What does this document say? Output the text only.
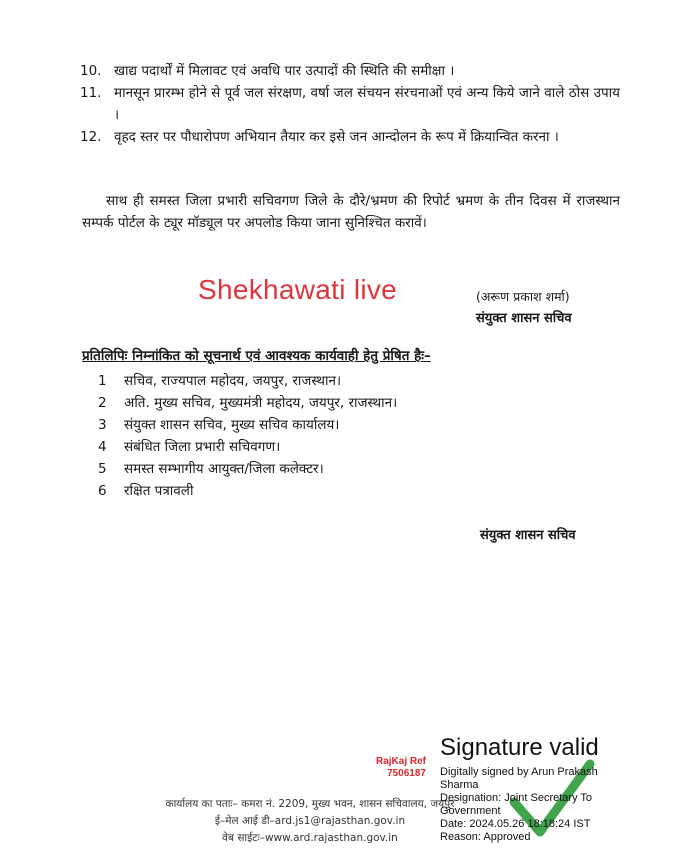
10. खाद्य पदार्थों में मिलावट एवं अवधि पार उत्पादों की स्थिति की समीक्षा ।
11. मानसून प्रारम्भ होने से पूर्व जल संरक्षण, वर्षा जल संचयन संरचनाओं एवं अन्य किये जाने वाले ठोस उपाय ।
12. वृहद स्तर पर पौधारोपण अभियान तैयार कर इसे जन आन्दोलन के रूप में क्रियान्वित करना ।
साथ ही समस्त जिला प्रभारी सचिवगण जिले के दौरे/भ्रमण की रिपोर्ट भ्रमण के तीन दिवस में राजस्थान सम्पर्क पोर्टल के ट्यूर मॉड्यूल पर अपलोड किया जाना सुनिश्चित करावें।
Shekhawati live	(अरूण प्रकाश शर्मा)
संयुक्त शासन सचिव
प्रतिलिपिः निम्नांकित को सूचनार्थ एवं आवश्यक कार्यवाही हेतु प्रेषित हैः–
1	सचिव, राज्यपाल महोदय, जयपुर, राजस्थान।
2	अति. मुख्य सचिव, मुख्यमंत्री महोदय, जयपुर, राजस्थान।
3	संयुक्त शासन सचिव, मुख्य सचिव कार्यालय।
4	संबंधित जिला प्रभारी सचिवगण।
5	समस्त सम्भागीय आयुक्त/जिला कलेक्टर।
6	रक्षित पत्रावली
संयुक्त शासन सचिव
RajKaj Ref
7506187
कार्यालय का पताः– कमरा नं. 2209, मुख्य भवन, शासन सचिवालय, जयपुर
ई–मेल आई डी–ard.js1@rajasthan.gov.in
वेब साईटः–www.ard.rajasthan.gov.in
Signature valid
Digitally signed by Arun Prakash
Sharma
Designation: Joint Secretary To
Government
Date: 2024.05.26 18:18:24 IST
Reason: Approved
